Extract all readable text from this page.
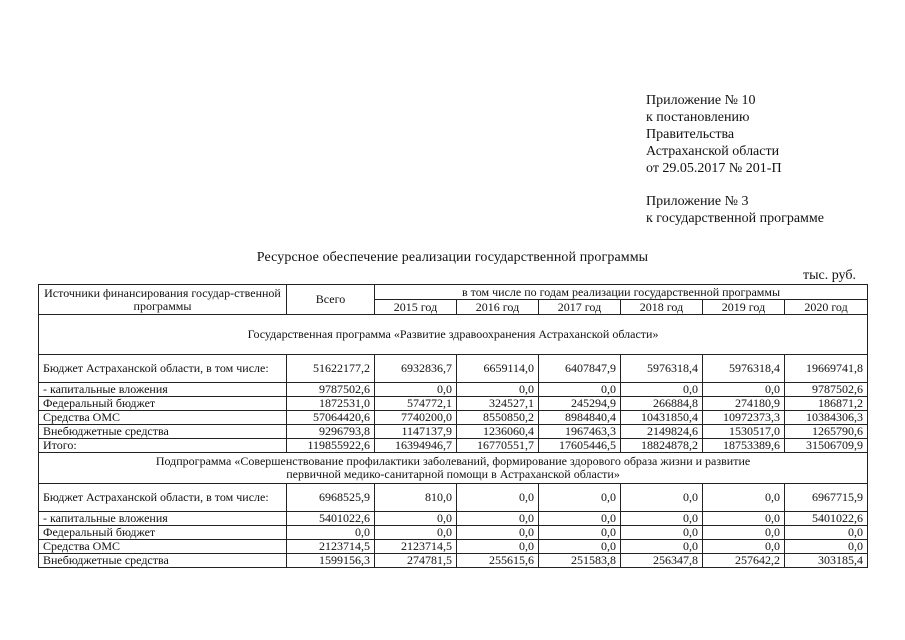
Приложение № 10
к постановлению
Правительства
Астраханской области
от 29.05.2017 № 201-П
Приложение № 3
к государственной программе
Ресурсное обеспечение реализации государственной программы
тыс. руб.
Источники финансирования государ-ственной программы	Всего	в том числе по годам реализации государственной программы					
		2015 год	2016 год	2017 год	2018 год	2019 год	2020 год
Государственная программа «Развитие здравоохранения Астраханской области»							
Бюджет Астраханской области, в том числе:	51622177,2	6932836,7	6659114,0	6407847,9	5976318,4	5976318,4	19669741,8
- капитальные вложения	9787502,6	0,0	0,0	0,0	0,0	0,0	9787502,6
Федеральный бюджет	1872531,0	574772,1	324527,1	245294,9	266884,8	274180,9	186871,2
Средства ОМС	57064420,6	7740200,0	8550850,2	8984840,4	10431850,4	10972373,3	10384306,3
Внебюджетные средства	9296793,8	1147137,9	1236060,4	1967463,3	2149824,6	1530517,0	1265790,6
Итого:	119855922,6	16394946,7	16770551,7	17605446,5	18824878,2	18753389,6	31506709,9
Подпрограмма «Совершенствование профилактики заболеваний, формирование здорового образа жизни и развитие первичной медико-санитарной помощи в Астраханской области»							
Бюджет Астраханской области, в том числе:	6968525,9	810,0	0,0	0,0	0,0	0,0	6967715,9
- капитальные вложения	5401022,6	0,0	0,0	0,0	0,0	0,0	5401022,6
Федеральный бюджет	0,0	0,0	0,0	0,0	0,0	0,0	0,0
Средства ОМС	2123714,5	2123714,5	0,0	0,0	0,0	0,0	0,0
Внебюджетные средства	1599156,3	274781,5	255615,6	251583,8	256347,8	257642,2	303185,4
